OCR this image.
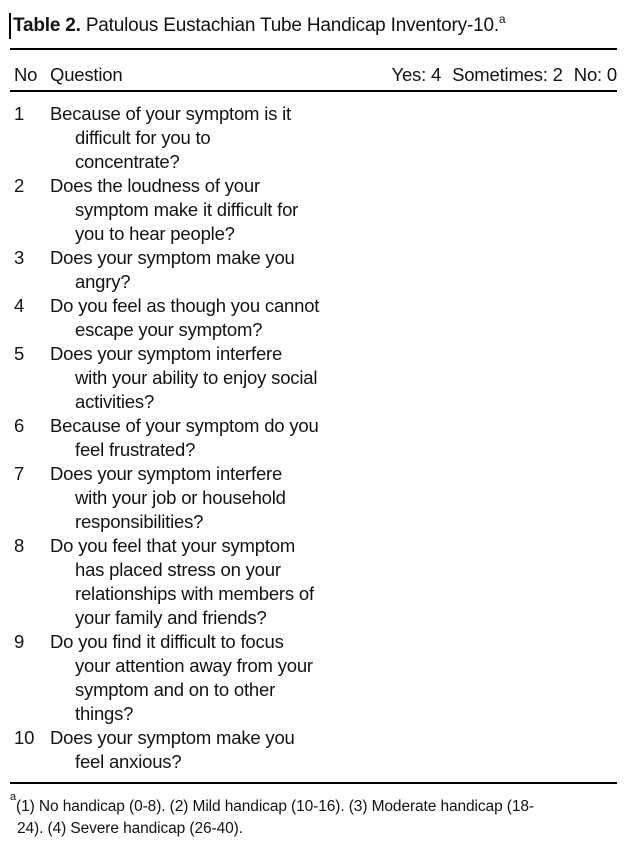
Table 2. Patulous Eustachian Tube Handicap Inventory-10.$^a$

No Question	Yes: 4 Sometimes: 2 No: 0
1	Because of your symptom is it
difficult for you to
concentrate?
2	Does the loudness of your
symptom make it difficult for
you to hear people?
3	Does your symptom make you
angry?
4	Do you feel as though you cannot
escape your symptom?
5	Does your symptom interfere
with your ability to enjoy social
activities?
6	Because of your symptom do you
feel frustrated?
7	Does your symptom interfere
with your job or household
responsibilities?
8	Do you feel that your symptom
has placed stress on your
relationships with members of
your family and friends?
9	Do you find it difficult to focus
your attention away from your
symptom and on to other
things?
10 Does your symptom make you
feel anxious?

$^a$(1) No handicap (0-8). (2) Mild handicap (10-16). (3) Moderate handicap (18-
24). (4) Severe handicap (26-40).
